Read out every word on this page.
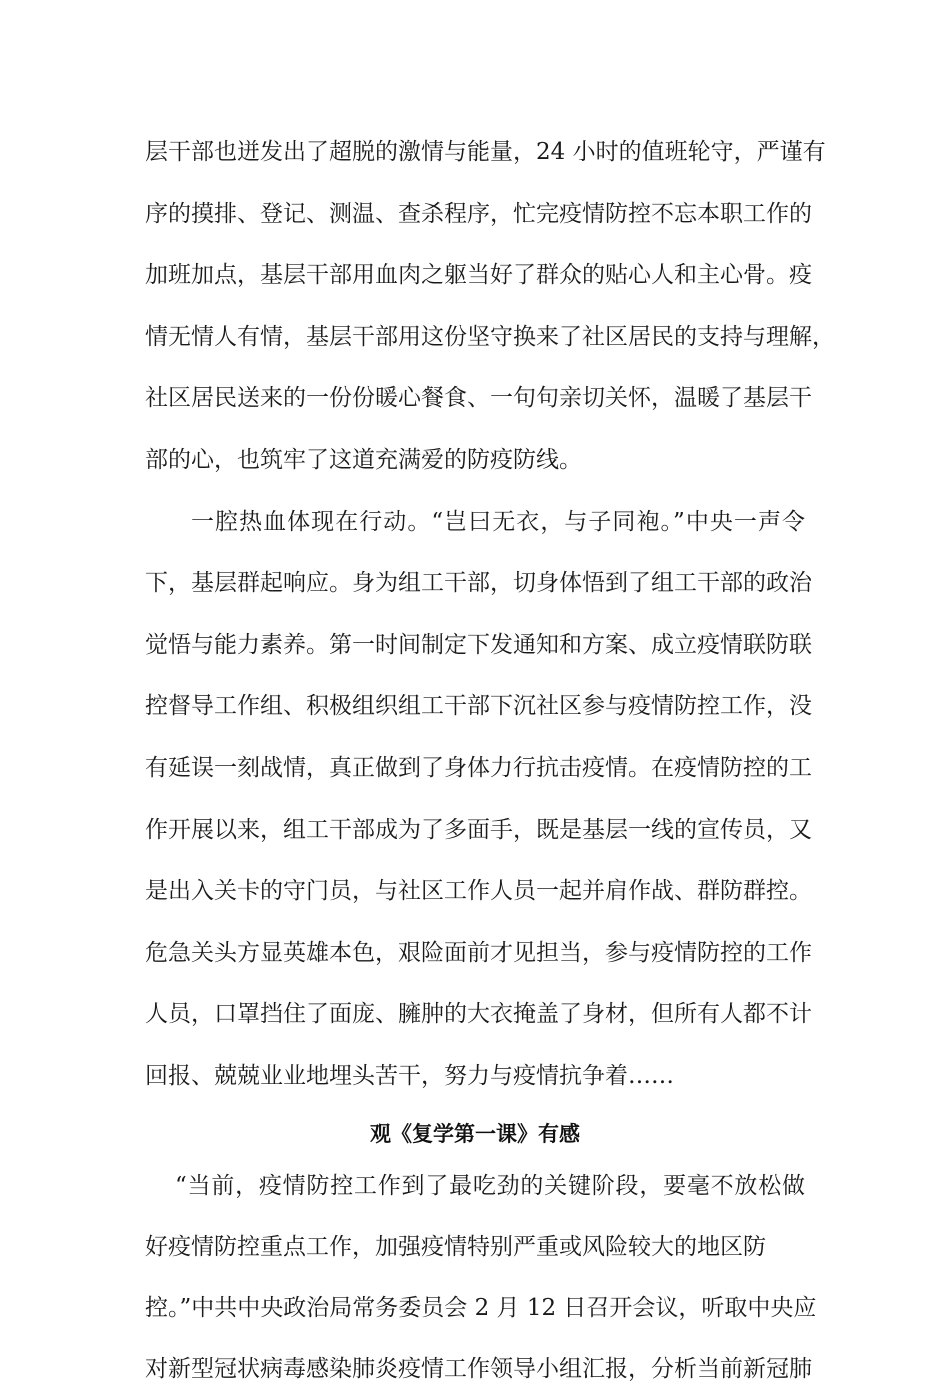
层干部也迸发出了超脱的激情与能量，24 小时的值班轮守，严谨有

序的摸排、登记、测温、查杀程序，忙完疫情防控不忘本职工作的

加班加点，基层干部用血肉之躯当好了群众的贴心人和主心骨。疫

情无情人有情，基层干部用这份坚守换来了社区居民的支持与理解，

社区居民送来的一份份暖心餐食、一句句亲切关怀，温暖了基层干

部的心，也筑牢了这道充满爱的防疫防线。

一腔热血体现在行动。“岂曰无衣，与子同袍。”中央一声令

下，基层群起响应。身为组工干部，切身体悟到了组工干部的政治

觉悟与能力素养。第一时间制定下发通知和方案、成立疫情联防联

控督导工作组、积极组织组工干部下沉社区参与疫情防控工作，没

有延误一刻战情，真正做到了身体力行抗击疫情。在疫情防控的工

作开展以来，组工干部成为了多面手，既是基层一线的宣传员，又

是出入关卡的守门员，与社区工作人员一起并肩作战、群防群控。

危急关头方显英雄本色，艰险面前才见担当，参与疫情防控的工作

人员，口罩挡住了面庞、臃肿的大衣掩盖了身材，但所有人都不计

回报、兢兢业业地埋头苦干，努力与疫情抗争着……

观《复学第一课》有感

“当前，疫情防控工作到了最吃劲的关键阶段，要毫不放松做

好疫情防控重点工作，加强疫情特别严重或风险较大的地区防

控。”中共中央政治局常务委员会 2 月 12 日召开会议，听取中央应

对新型冠状病毒感染肺炎疫情工作领导小组汇报，分析当前新冠肺
